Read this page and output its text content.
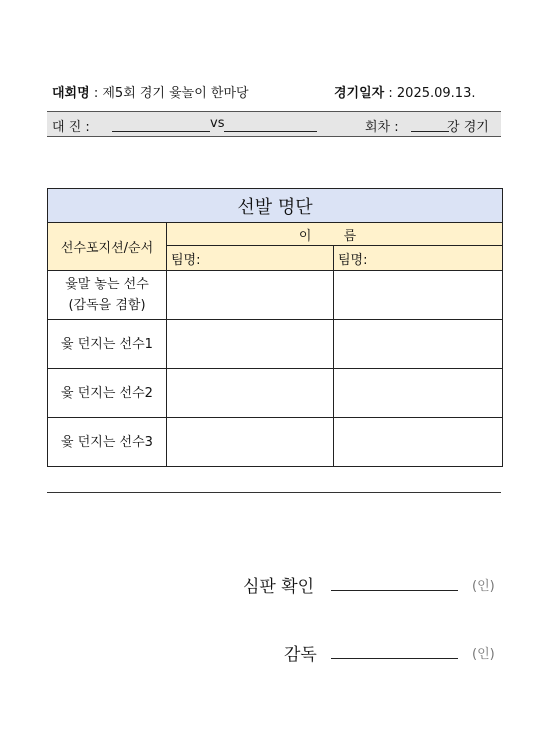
대회명 : 제5회 경기 윷놀이 한마당	경기일자 : 2025.09.13.
대 진 :	vs	회차 :	강 경기
선발 명단		
선수포지션/순서	이 름	
	팀명:	팀명:

윷말 놓는 선수
(감독을 겸함)		

윷 던지는 선수1		
윷 던지는 선수2		
윷 던지는 선수3		
심판 확인	(인)
감독	(인)
